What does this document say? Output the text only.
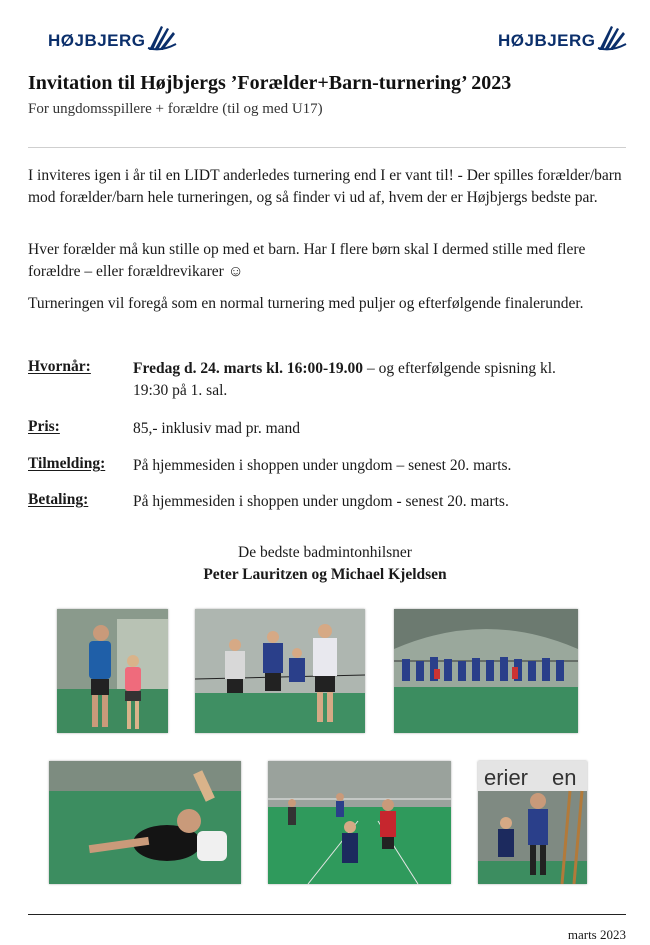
HØJBJERG	HØJBJERG
Invitation til Højbjergs ’Forælder+Barn-turnering’ 2023
For ungdomsspillere + forældre (til og med U17)

I inviteres igen i år til en LIDT anderledes turnering end I er vant til! - Der spilles forælder/barn mod forælder/barn hele turneringen, og så finder vi ud af, hvem der er Højbjergs bedste par.

Hver forælder må kun stille op med et barn. Har I flere børn skal I dermed stille med flere forældre – eller forældrevikarer ☺

Turneringen vil foregå som en normal turnering med puljer og efterfølgende finalerunder.

Hvornår:	Fredag d. 24. marts kl. 16:00-19.00 – og efterfølgende spisning kl. 19:30 på 1. sal.
Pris:	85,- inklusiv mad pr. mand
Tilmelding: På hjemmesiden i shoppen under ungdom – senest 20. marts.
Betaling:	På hjemmesiden i shoppen under ungdom - senest 20. marts.
De bedste badmintonhilsner
Peter Lauritzen og Michael Kjeldsen
erier en
marts 2023
